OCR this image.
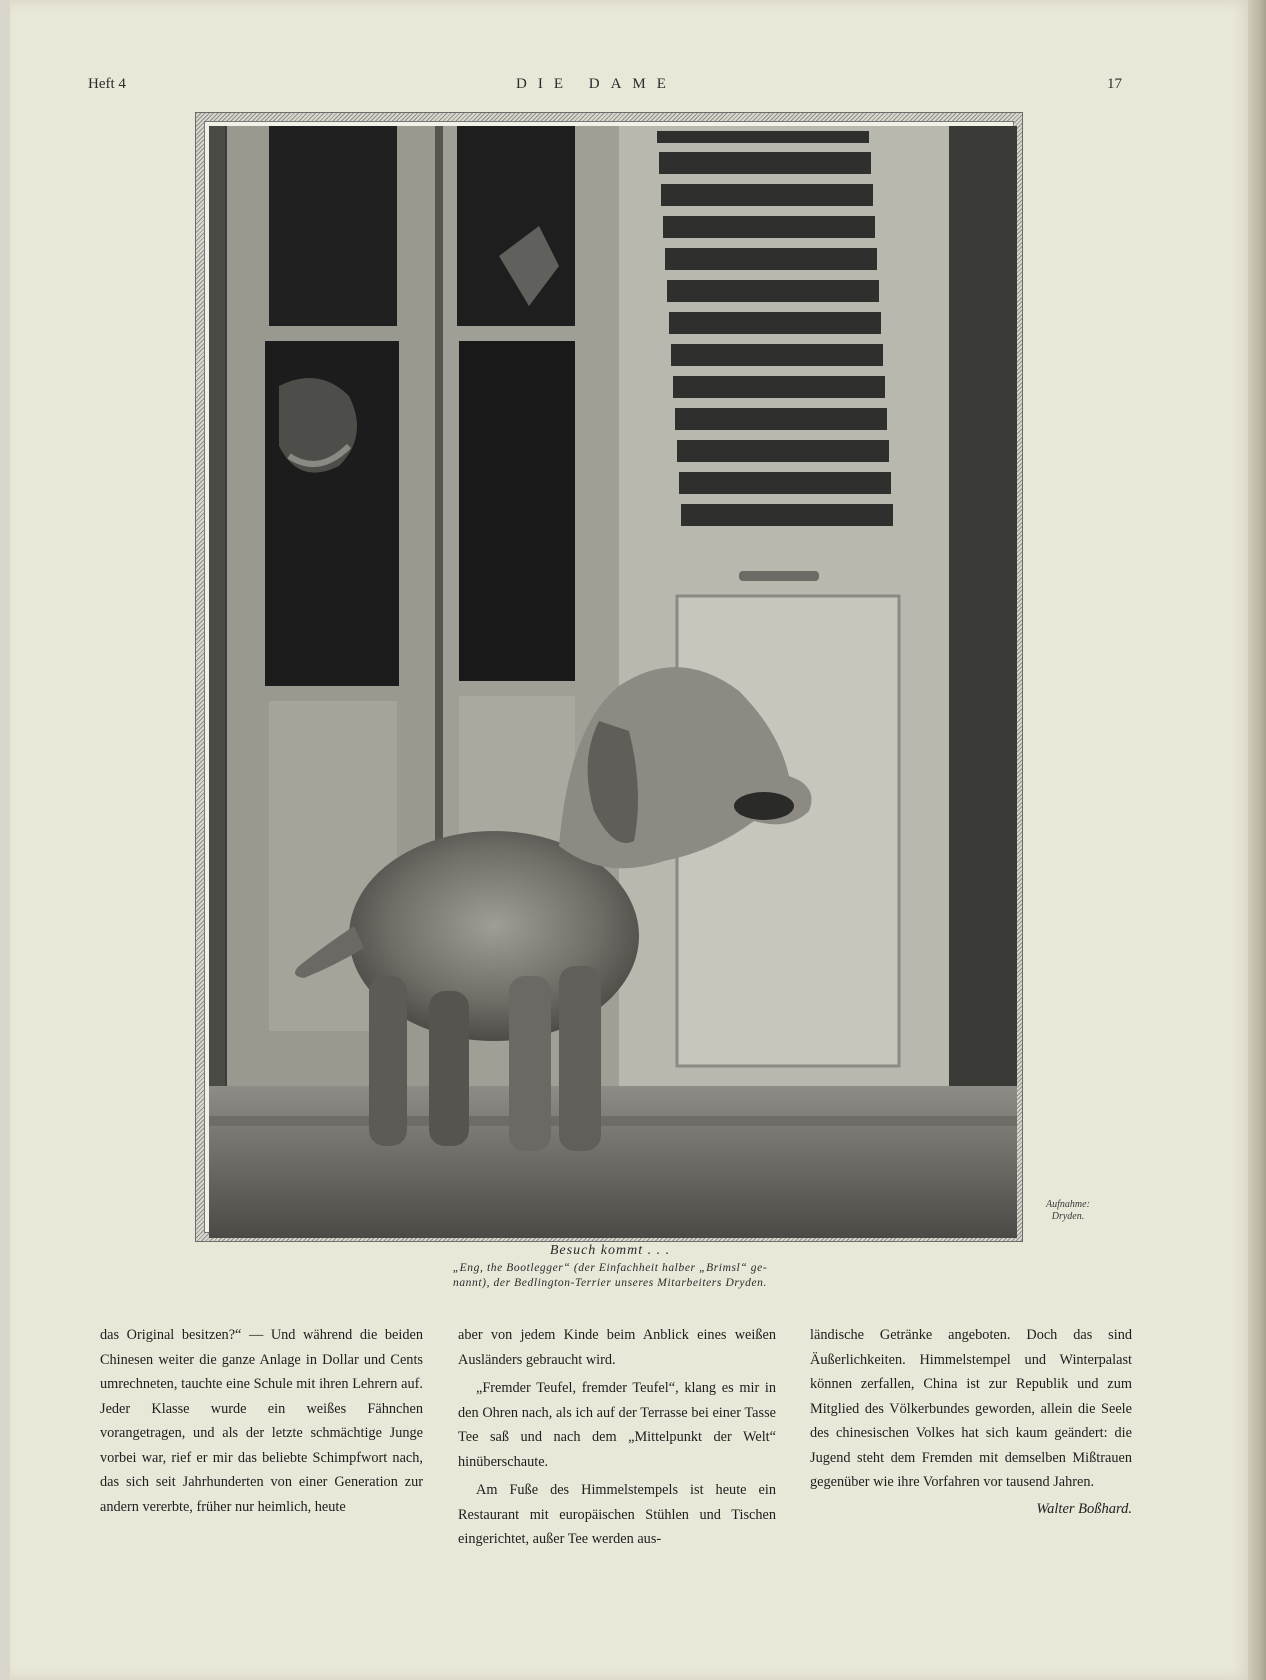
Heft 4	DIE DAME	17
Aufnahme:
Dryden.
Besuch kommt . . .
„Eng, the Bootlegger“ (der Einfachheit halber „Brimsl“ ge-
nannt), der Bedlington-Terrier unseres Mitarbeiters Dryden.

das Original besitzen?“ — Und während die beiden Chinesen weiter die ganze Anlage in Dollar und Cents umrechneten, tauchte eine Schule mit ihren Lehrern auf. Jeder Klasse wurde ein weißes Fähnchen vorangetragen, und als der letzte schmächtige Junge vorbei war, rief er mir das beliebte Schimpfwort nach, das sich seit Jahrhunderten von einer Generation zur andern vererbte, früher nur heimlich, heute

aber von jedem Kinde beim Anblick eines weißen Ausländers gebraucht wird.

„Fremder Teufel, fremder Teufel“, klang es mir in den Ohren nach, als ich auf der Terrasse bei einer Tasse Tee saß und nach dem „Mittelpunkt der Welt“ hinüberschaute.

Am Fuße des Himmelstempels ist heute ein Restaurant mit europäischen Stühlen und Tischen eingerichtet, außer Tee werden aus-

ländische Getränke angeboten. Doch das sind Äußerlichkeiten. Himmelstempel und Winterpalast können zerfallen, China ist zur Republik und zum Mitglied des Völkerbundes geworden, allein die Seele des chinesischen Volkes hat sich kaum geändert: die Jugend steht dem Fremden mit demselben Mißtrauen gegenüber wie ihre Vorfahren vor tausend Jahren.

Walter Boßhard.
